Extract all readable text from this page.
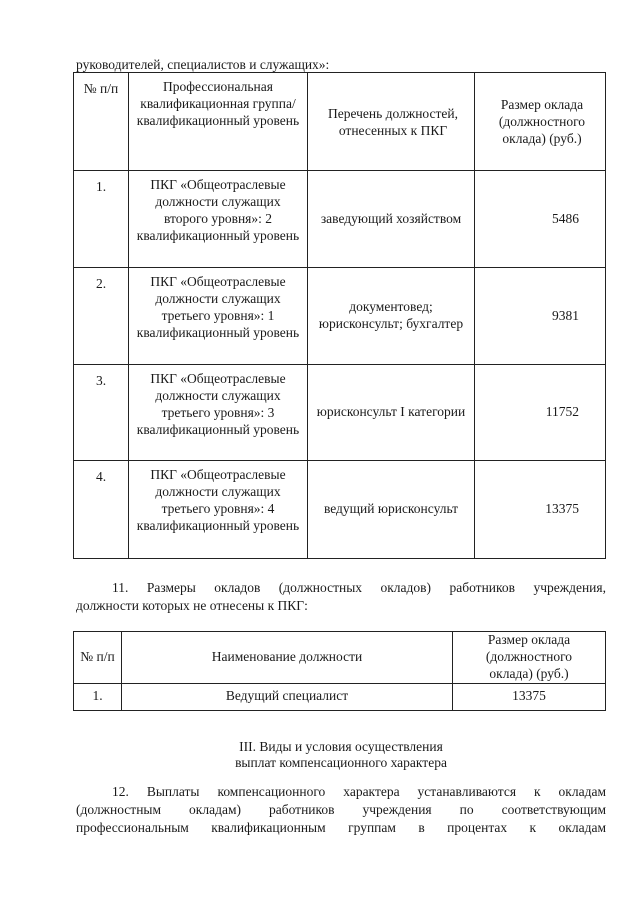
руководителей, специалистов и служащих»:
№ п/п	Профессиональная квалификационная группа/ квалификационный уровень	Перечень должностей, отнесенных к ПКГ	Размер оклада (должностного оклада) (руб.)
1.	ПКГ «Общеотраслевые должности служащих второго уровня»: 2 квалификационный уровень	заведующий хозяйством	5486
2.	ПКГ «Общеотраслевые должности служащих третьего уровня»: 1 квалификационный уровень	документовед; юрисконсульт; бухгалтер	9381
3.	ПКГ «Общеотраслевые должности служащих третьего уровня»: 3 квалификационный уровень	юрисконсульт I категории	11752
4.	ПКГ «Общеотраслевые должности служащих третьего уровня»: 4 квалификационный уровень	ведущий юрисконсульт	13375
11. Размеры окладов (должностных окладов) работников учреждения,
должности которых не отнесены к ПКГ:
№ п/п	Наименование должности	Размер оклада (должностного оклада) (руб.)
1.	Ведущий специалист	13375
III. Виды и условия осуществления
выплат компенсационного характера
12. Выплаты компенсационного характера устанавливаются к окладам
(должностным окладам) работников учреждения по соответствующим
профессиональным квалификационным группам в процентах к окладам
